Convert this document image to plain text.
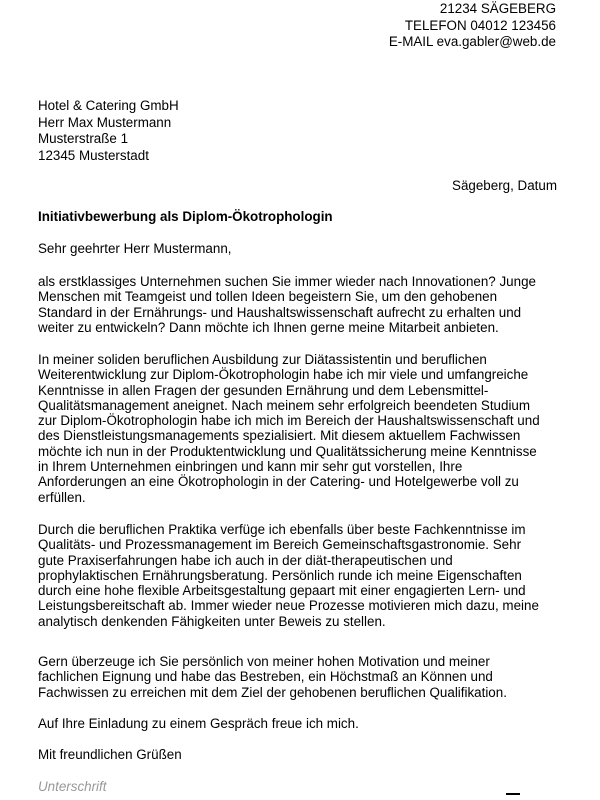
21234 SÄGEBERG
TELEFON 04012 123456
E-MAIL eva.gabler@web.de
Hotel & Catering GmbH
Herr Max Mustermann
Musterstraße 1
12345 Musterstadt
Sägeberg, Datum
Initiativbewerbung als Diplom-Ökotrophologin
Sehr geehrter Herr Mustermann,
als erstklassiges Unternehmen suchen Sie immer wieder nach Innovationen? Junge
Menschen mit Teamgeist und tollen Ideen begeistern Sie, um den gehobenen
Standard in der Ernährungs- und Haushaltswissenschaft aufrecht zu erhalten und
weiter zu entwickeln? Dann möchte ich Ihnen gerne meine Mitarbeit anbieten.
In meiner soliden beruflichen Ausbildung zur Diätassistentin und beruflichen
Weiterentwicklung zur Diplom-Ökotrophologin habe ich mir viele und umfangreiche
Kenntnisse in allen Fragen der gesunden Ernährung und dem Lebensmittel-
Qualitätsmanagement aneignet. Nach meinem sehr erfolgreich beendeten Studium
zur Diplom-Ökotrophologin habe ich mich im Bereich der Haushaltswissenschaft und
des Dienstleistungsmanagements spezialisiert. Mit diesem aktuellem Fachwissen
möchte ich nun in der Produktentwicklung und Qualitätssicherung meine Kenntnisse
in Ihrem Unternehmen einbringen und kann mir sehr gut vorstellen, Ihre
Anforderungen an eine Ökotrophologin in der Catering- und Hotelgewerbe voll zu
erfüllen.
Durch die beruflichen Praktika verfüge ich ebenfalls über beste Fachkenntnisse im
Qualitäts- und Prozessmanagement im Bereich Gemeinschaftsgastronomie. Sehr
gute Praxiserfahrungen habe ich auch in der diät-therapeutischen und
prophylaktischen Ernährungsberatung. Persönlich runde ich meine Eigenschaften
durch eine hohe flexible Arbeitsgestaltung gepaart mit einer engagierten Lern- und
Leistungsbereitschaft ab. Immer wieder neue Prozesse motivieren mich dazu, meine
analytisch denkenden Fähigkeiten unter Beweis zu stellen.
Gern überzeuge ich Sie persönlich von meiner hohen Motivation und meiner
fachlichen Eignung und habe das Bestreben, ein Höchstmaß an Können und
Fachwissen zu erreichen mit dem Ziel der gehobenen beruflichen Qualifikation.
Auf Ihre Einladung zu einem Gespräch freue ich mich.
Mit freundlichen Grüßen
Unterschrift
